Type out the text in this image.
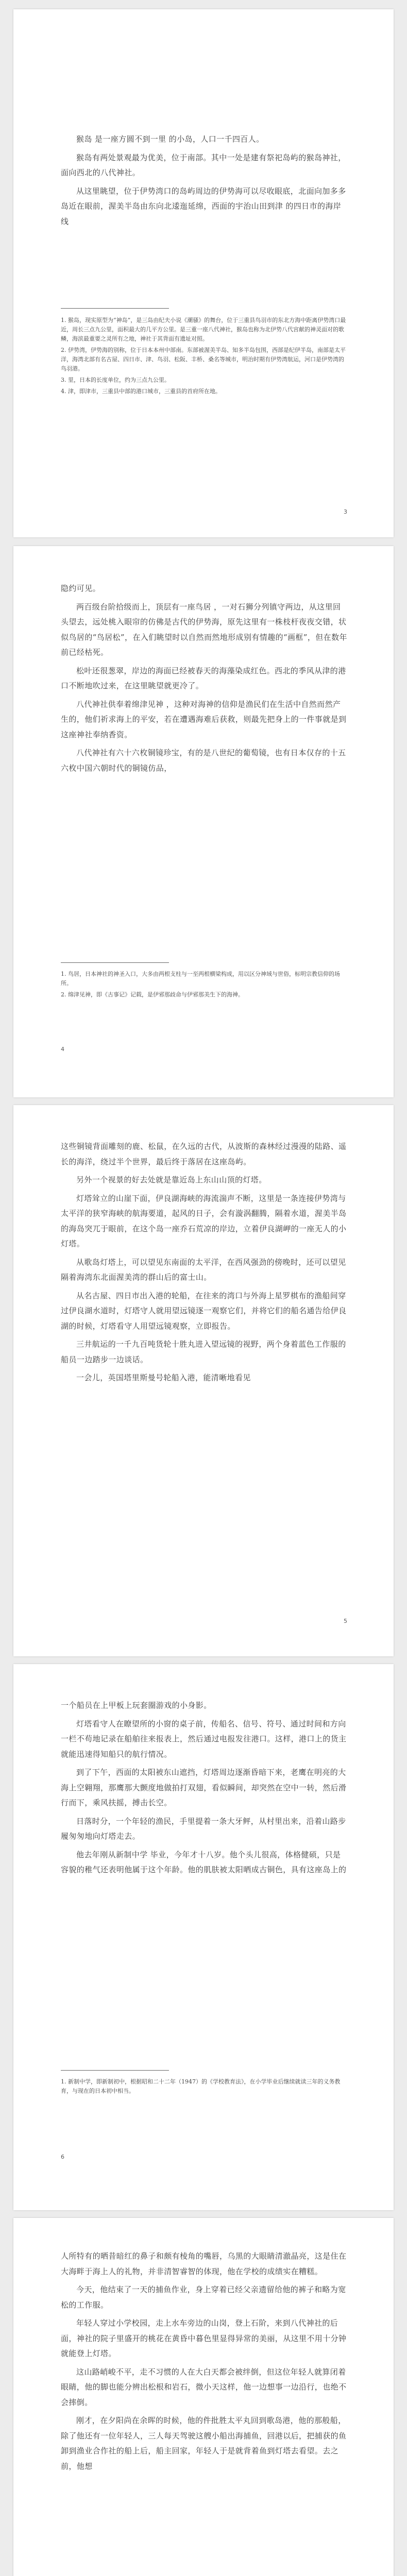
猴岛 是一座方圆不到一里 的小岛，人口一千四百人。

猴岛有两处景观最为优美，位于南部。其中一处是建有祭祀岛屿的猴岛神社，面向西北的八代神社。

从这里眺望，位于伊势湾口的岛屿周边的伊势海可以尽收眼底，北面向加多多岛近在眼前，渥美半岛由东向北逶迤延绵，西面的宇治山田到津 的四日市的海岸线

1. 猴岛，现实原型为“神岛”，是三岛由纪夫小说《潮骚》的舞台，位于三重县鸟羽市的东北方海中距离伊势湾口最近，周长三点九公里，面积最大的几平方公里。是三重一座八代神社，猴岛也称为北伊势八代宫献的神灵面对的歌鳞，海滨最重要之灵所有之地，神社于其背面有遗址对照。

2. 伊势湾，伊势海的别称，位于日本本州中部南。东部被渥美半岛、知多半岛包围，西部是纪伊半岛，南部是太平洋，海湾北部有名古屋、四日市、津、鸟羽、松阪、丰桥、桑名等城市，明治时期有伊势湾航运，河口是伊势湾的鸟羽港。

3. 里，日本的长度单位，约为三点九公里。

4. 津，即津市，三重县中部的港口城市，三重县的首府所在地。

3

隐约可见。

两百级台阶拾级而上，顶层有一座鸟居 ，一对石狮分列镇守两边，从这里回头望去，远处桃入眼帘的仿佛是古代的伊势海，原先这里有一株枝杆夜夜交错，状似鸟居的“鸟居松”，在入们眺望时以自然而然地形成别有情趣的“画框”，但在数年前已经枯死。

松叶还很葱翠，岸边的海面已经被春天的海藻染成红色。西北的季风从津的港口不断地吹过来，在这里眺望就更冷了。

八代神社供奉着绵津见神 ，这种对海神的信仰是渔民们在生活中自然而然产生的，他们祈求海上的平安，若在遭遇海难后获救，则最先把身上的一件事就是到这座神社奉纳香资。

八代神社有六十六枚铜镜珍宝，有的是八世纪的葡萄镜，也有日本仅存的十五六枚中国六朝时代的铜镜仿品，

1. 鸟居，日本神社的神圣入口，大多由两根支柱与一至两根横梁构成，用以区分神域与世俗，标明宗教信仰的场所。

2. 绵津见神，即《古事记》记载，是伊邪那歧命与伊邪那美生下的海神。

4

这些铜镜背面雕刻的鹿、松鼠，在久远的古代，从波斯的森林经过漫漫的陆路、遥长的海洋，绕过半个世界，最后终于落居在这座岛屿。

另外一个视景的好去处就是靠近岛上东山山顶的灯塔。

灯塔耸立的山崖下面，伊良湖海峡的海流湍声不断，这里是一条连接伊势湾与太平洋的狭窄海峡的航海要道，起风的日子，会有漩涡翻腾，隔着水道，渥美半岛的海岛突兀于眼前，在这个岛一座乔石荒凉的岸边，立着伊良湖岬的一座无人的小灯塔。

从歌岛灯塔上，可以望见东南面的太平洋，在西风强劲的傍晚时，还可以望见隔着海湾东北面渥美湾的群山后的富士山。

从名古屋、四日市出入港的轮船，在往来的湾口与外海上星罗棋布的渔船间穿过伊良湖水道时，灯塔守人就用望远镜逐一观察它们，并将它们的船名通告给伊良湖的时候，灯塔看守人用望远镜观察，立即报告。

三井航运的一千九百吨货轮十胜丸进入望远镜的视野，两个身着蓝色工作服的船员一边踏步一边谈话。

一会儿，英国塔里斯曼号轮船入港，能清晰地看见

5

一个船员在上甲板上玩套圈游戏的小身影。

灯塔看守人在瞭望所的小窗的桌子前，传船名、信号、符号、通过时间和方向一栏不苟地记录在船舶往来报表上，然后通过电报发往港口。这样，港口上的货主就能迅速得知船只的航行情况。

到了下午，西面的太阳被东山遮挡，灯塔周边逐渐昏暗下来，老鹰在明亮的大海上空翱翔，那鹰那大颤度地做拍打双翅，看似瞬间，却突然在空中一转，然后滑行而下，乘风扶摇，搏击长空。

日落时分，一个年轻的渔民，手里提着一条大牙鲆，从村里出来，沿着山路步履匆匆地向灯塔走去。

他去年刚从新制中学 毕业，今年才十八岁。他个头儿很高，体格健硕，只是容貌的稚气还表明他属于这个年龄。他的肌肤被太阳晒成古铜色，具有这座岛上的

1. 新制中学，即新制初中，根据昭和二十二年（1947）的《学校教育法》，在小学毕业后继续就读三年的义务教育，与现在的日本初中相当。

6

人所特有的晒昔暗红的鼻子和颇有棱角的嘴唇，乌黑的大眼睛清澈晶亮，这是住在大海畔于海上人的礼物，并非清智睿智的体现，他在学校的成绩实在糟糕。

今天，他结束了一天的捕鱼作业，身上穿着已经父亲遗留给他的裤子和略为宽松的工作服。

年轻人穿过小学校园，走上水车旁边的山岗，登上石阶，来到八代神社的后面，神社的院子里盛开的桃花在黄昏中暮色里显得异常的美丽，从这里不用十分钟就能登上灯塔。

这山路峭峻不平，走不习惯的人在大白天都会被绊倒，但这位年轻人就算闭着眼睛，他的脚也能分辨出松根和岩石，微小天这样，他一边想事一边沿行，也绝不会摔倒。

刚才，在夕阳尚在余晖的时候，他的件批胜太平丸回到歌岛港，他的那般船，除了他还有一位年轻人，三人每天驾驶这艘小船出海捕鱼，回港以后，把捕获的鱼卸到渔业合作社的船上后，船主回家，年轻人于是就背着鱼到灯塔去看望。去之前，他想
